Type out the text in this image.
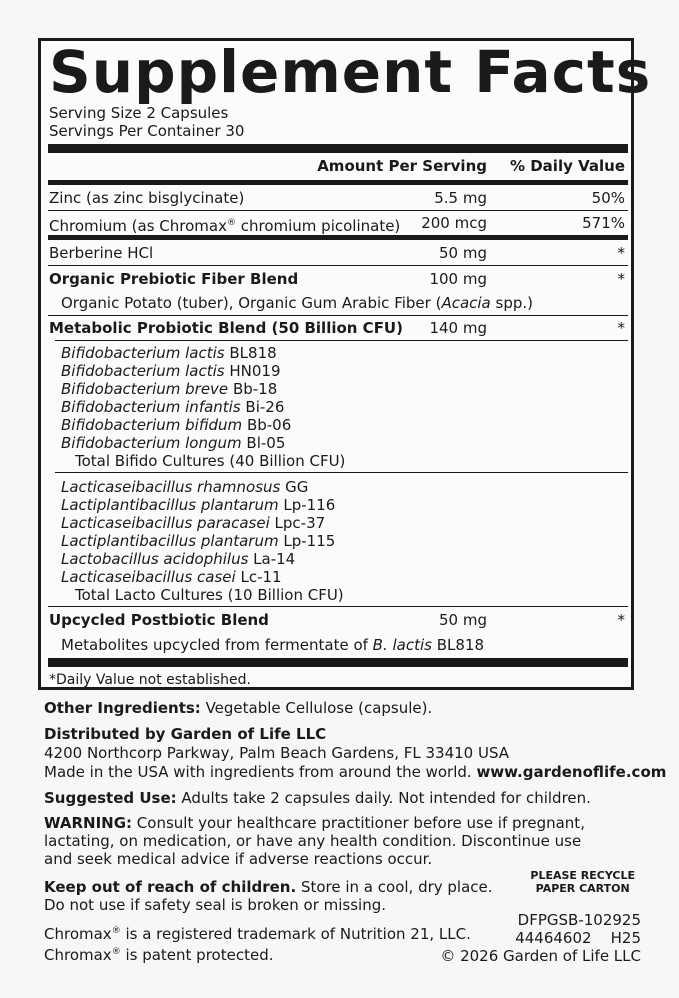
Supplement Facts
Serving Size 2 Capsules
Servings Per Container 30
Amount Per Serving % Daily Value
Zinc (as zinc bisglycinate)	5.5 mg	50%
Chromium (as Chromax® chromium picolinate) 200 mcg	571%
Berberine HCl	50 mg	*
Organic Prebiotic Fiber Blend	100 mg	*
Organic Potato (tuber), Organic Gum Arabic Fiber (Acacia spp.)
Metabolic Probiotic Blend (50 Billion CFU) 140 mg	*
Bifidobacterium lactis BL818
Bifidobacterium lactis HN019
Bifidobacterium breve Bb-18
Bifidobacterium infantis Bi-26
Bifidobacterium bifidum Bb-06
Bifidobacterium longum Bl-05
Total Bifido Cultures (40 Billion CFU)
Lacticaseibacillus rhamnosus GG
Lactiplantibacillus plantarum Lp-116
Lacticaseibacillus paracasei Lpc-37
Lactiplantibacillus plantarum Lp-115
Lactobacillus acidophilus La-14
Lacticaseibacillus casei Lc-11
Total Lacto Cultures (10 Billion CFU)
Upcycled Postbiotic Blend	50 mg	*
Metabolites upcycled from fermentate of B. lactis BL818
*Daily Value not established.
Other Ingredients: Vegetable Cellulose (capsule).
Distributed by Garden of Life LLC
4200 Northcorp Parkway, Palm Beach Gardens, FL 33410 USA
Made in the USA with ingredients from around the world. www.gardenoflife.com
Suggested Use: Adults take 2 capsules daily. Not intended for children.
WARNING: Consult your healthcare practitioner before use if pregnant,
lactating, on medication, or have any health condition. Discontinue use
and seek medical advice if adverse reactions occur.
Keep out of reach of children. Store in a cool, dry place.
Do not use if safety seal is broken or missing.
PLEASE RECYCLE
PAPER CARTON
Chromax® is a registered trademark of Nutrition 21, LLC.
Chromax® is patent protected.
DFPGSB-102925
44464602    H25
© 2026 Garden of Life LLC
